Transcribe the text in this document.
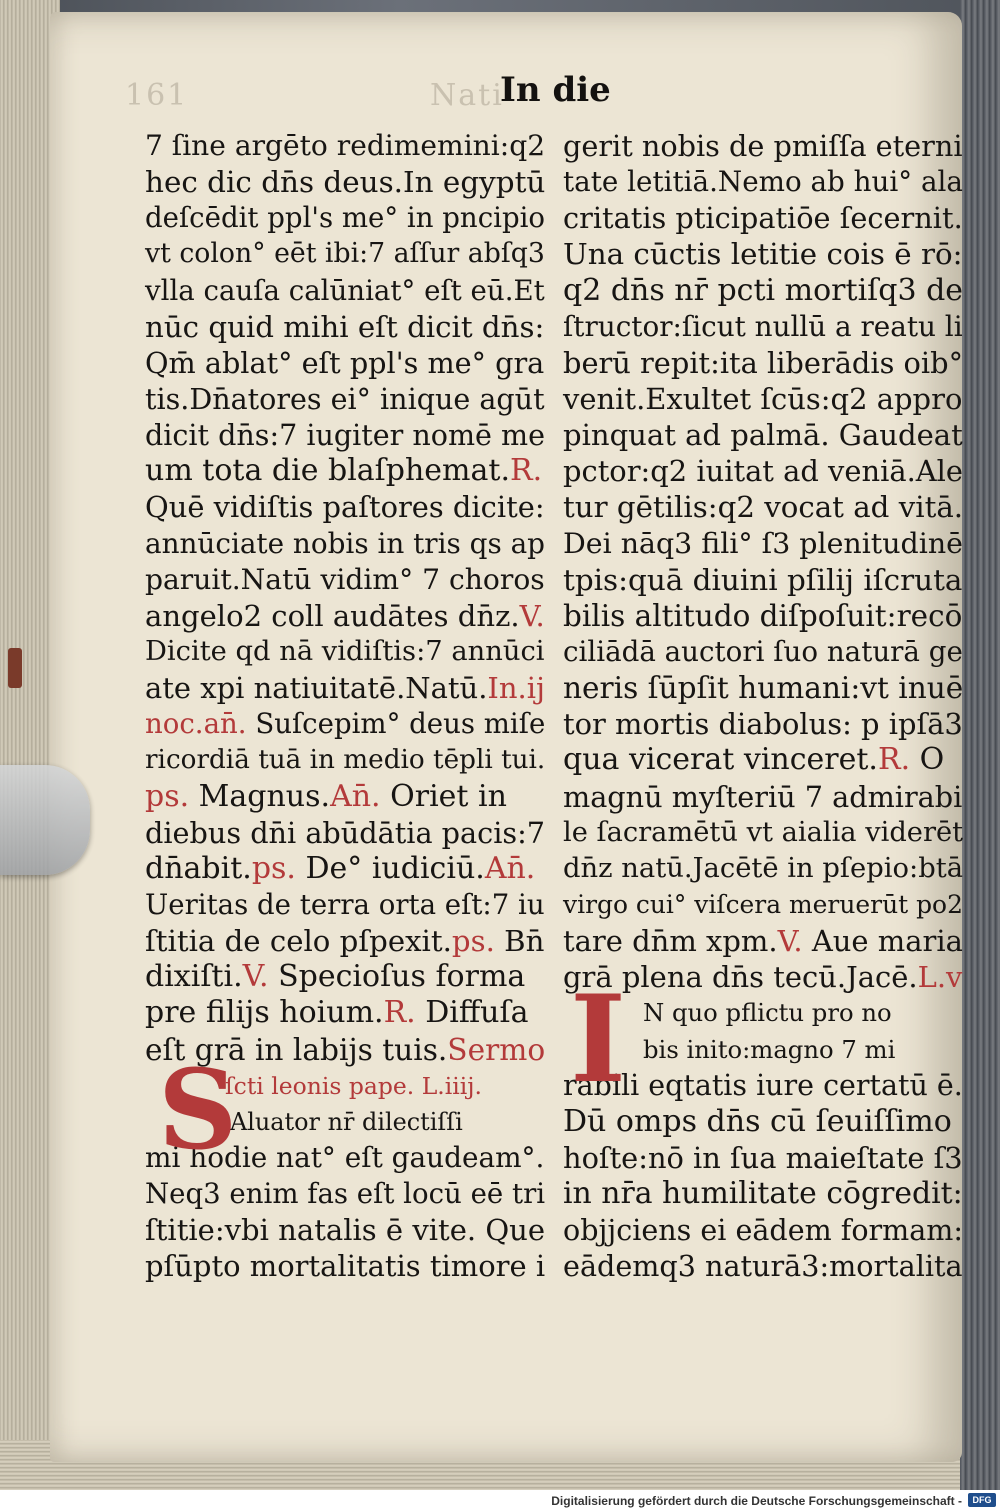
161	Nati
In die
7 ſine argēto redimemini:q2
hec dic dn̄s deus.In egyptū
deſcēdit ppl's me° in pncipio
vt colon° eēt ibi:7 aſſur abſq3
vlla cauſa calūniat° eſt eū.Et
nūc quid mihi eſt dicit dn̄s:
Qm̄ ablat° eſt ppl's me° gra
tis.Dn̄atores ei° inique agūt
dicit dn̄s:7 iugiter nomē me
um tota die blaſphemat.R.
Quē vidiſtis paſtores dicite:
annūciate nobis in tris qs ap
paruit.Natū vidim° 7 choros
angelo2 coll audātes dn̄z.V.
Dicite qd nā vidiſtis:7 annūci
ate xpi natiuitatē.Natū.In.ij
noc.an̄. Suſcepim° deus miſe
ricordiā tuā in medio tēpli tui.
ps. Magnus.An̄. Oriet in
diebus dn̄i abūdātia pacis:7
dn̄abit.ps. De° iudiciū.An̄.
Ueritas de terra orta eſt:7 iu
ſtitia de celo pſpexit.ps. Bn̄
dixiſti.V. Specioſus forma
pre filijs hoium.R. Diffuſa
eſt grā in labijs tuis.Sermo
ſcti leonis pape. L.iiij.
Aluator nr̄ dilectiſſi
mi hodie nat° eſt gaudeam°.
Neq3 enim fas eſt locū eē tri
ſtitie:vbi natalis ē vite. Que
pſūpto mortalitatis timore i
gerit nobis de pmiſſa eterni
tate letitiā.Nemo ab hui° ala
critatis pticipatiōe ſecernit.
Una cūctis letitie cois ē rō:
q2 dn̄s nr̄ pcti mortiſq3 de
ſtructor:ſicut nullū a reatu li
berū repit:ita liberādis oib°
venit.Exultet ſcūs:q2 appro
pinquat ad palmā. Gaudeat
pctor:q2 iuitat ad veniā.Ale
tur gētilis:q2 vocat ad vitā.
Dei nāq3 fili° ſ3 plenitudinē
tpis:quā diuini pſilij iſcruta
bilis altitudo diſpoſuit:recō
ciliādā auctori ſuo naturā ge
neris ſūpſit humani:vt inuē
tor mortis diabolus: p ipſā3
qua vicerat vinceret.R. O
magnū myſteriū 7 admirabi
le ſacramētū vt aialia viderēt
dn̄z natū.Jacētē in pſepio:btā
virgo cui° viſcera meruerūt po2
tare dn̄m xpm.V. Aue maria
grā plena dn̄s tecū.Jacē.L.v
N quo pflictu pro no
bis inito:magno 7 mi
rabili eqtatis iure certatū ē.
Dū omps dn̄s cū ſeuiſſimo
hoſte:nō in ſua maieſtate ſ3
in nr̄a humilitate cōgredit:
objjciens ei eādem formam:
eādemq3 naturā3:mortalita
S	I
Digitalisierung gefördert durch die Deutsche Forschungsgemeinschaft -	DFG
